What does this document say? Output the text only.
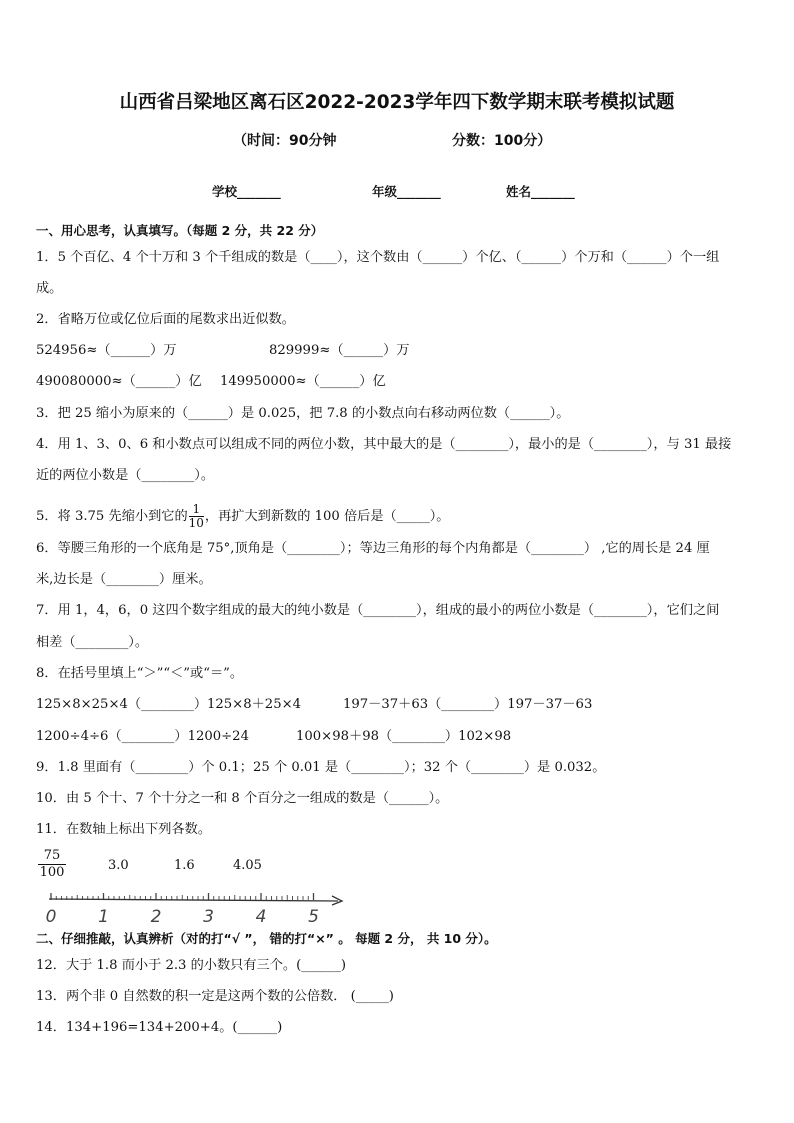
山西省吕梁地区离石区2022-2023学年四下数学期末联考模拟试题
（时间：90分钟	分数：100分）
学校_______	年级_______	姓名_______
一、用心思考，认真填写。（每题 2 分，共 22 分）
1．5 个百亿、4 个十万和 3 个千组成的数是（____），这个数由（______）个亿、（______）个万和（______）个一组
成。
2．省略万位或亿位后面的尾数求出近似数。
524956≈（______）万	829999≈（______）万
490080000≈（______）亿 149950000≈（______）亿
3．把 25 缩小为原来的（______）是 0.025，把 7.8 的小数点向右移动两位数（______）。
4．用 1、3、0、6 和小数点可以组成不同的两位小数，其中最大的是（________），最小的是（________），与 31 最接
近的两位小数是（________）。
5．将 3.75 先缩小到它的 $\frac{1}{10}$ ，再扩大到新数的 100 倍后是（_____）。
6．等腰三角形的一个底角是 75°,顶角是（________）；等边三角形的每个内角都是（________） ,它的周长是 24 厘
米,边长是（________）厘米。
7．用 1，4，6，0 这四个数字组成的最大的纯小数是（________），组成的最小的两位小数是（________），它们之间
相差（________）。
8．在括号里填上“＞”“＜”或“＝”。
125×8×25×4（________）125×8＋25×4	197－37＋63（________）197－37－63
1200÷4÷6（________）1200÷24	100×98＋98（________）102×98
9．1.8 里面有（________）个 0.1；25 个 0.01 是（________）；32 个（________）是 0.032。
10．由 5 个十、7 个十分之一和 8 个百分之一组成的数是（______）。
11．在数轴上标出下列各数。
$\frac{75}{100}$	3.0	1.6	4.05
0 1 2 3 4 5
二、仔细推敲，认真辨析（对的打“√ ”， 错的打“×” 。 每题 2 分， 共 10 分）。
12．大于 1.8 而小于 2.3 的小数只有三个。(______)
13．两个非 0 自然数的积一定是这两个数的公倍数． (_____)
14．134+196=134+200+4。(______)
